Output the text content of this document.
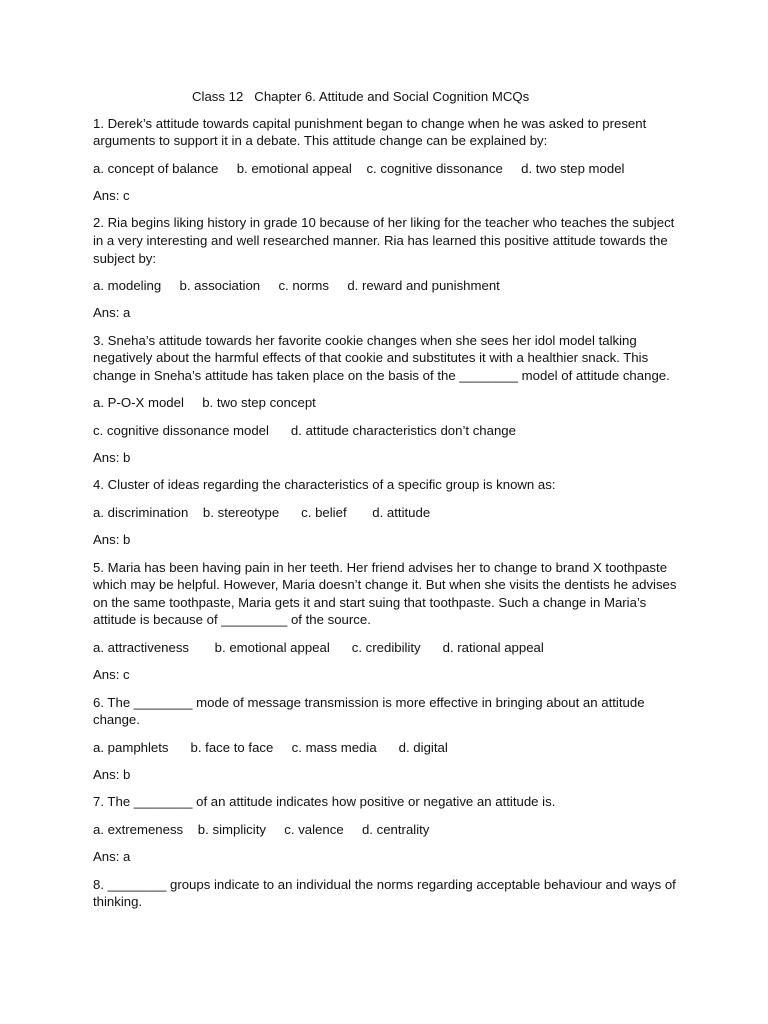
Class 12   Chapter 6. Attitude and Social Cognition MCQs

1. Derek’s attitude towards capital punishment began to change when he was asked to present arguments to support it in a debate. This attitude change can be explained by:

a. concept of balance     b. emotional appeal    c. cognitive dissonance     d. two step model

Ans: c

2. Ria begins liking history in grade 10 because of her liking for the teacher who teaches the subject in a very interesting and well researched manner. Ria has learned this positive attitude towards the subject by:

a. modeling     b. association     c. norms     d. reward and punishment

Ans: a

3. Sneha’s attitude towards her favorite cookie changes when she sees her idol model talking negatively about the harmful effects of that cookie and substitutes it with a healthier snack. This change in Sneha’s attitude has taken place on the basis of the ________ model of attitude change.

a. P-O-X model     b. two step concept

c. cognitive dissonance model      d. attitude characteristics don’t change

Ans: b

4. Cluster of ideas regarding the characteristics of a specific group is known as:

a. discrimination    b. stereotype      c. belief       d. attitude

Ans: b

5. Maria has been having pain in her teeth. Her friend advises her to change to brand X toothpaste which may be helpful. However, Maria doesn’t change it. But when she visits the dentists he advises on the same toothpaste, Maria gets it and start suing that toothpaste. Such a change in Maria’s attitude is because of _________ of the source.

a. attractiveness       b. emotional appeal      c. credibility      d. rational appeal

Ans: c

6. The ________ mode of message transmission is more effective in bringing about an attitude change.

a. pamphlets      b. face to face     c. mass media      d. digital

Ans: b

7. The ________ of an attitude indicates how positive or negative an attitude is.

a. extremeness    b. simplicity     c. valence     d. centrality

Ans: a

8. ________ groups indicate to an individual the norms regarding acceptable behaviour and ways of thinking.
